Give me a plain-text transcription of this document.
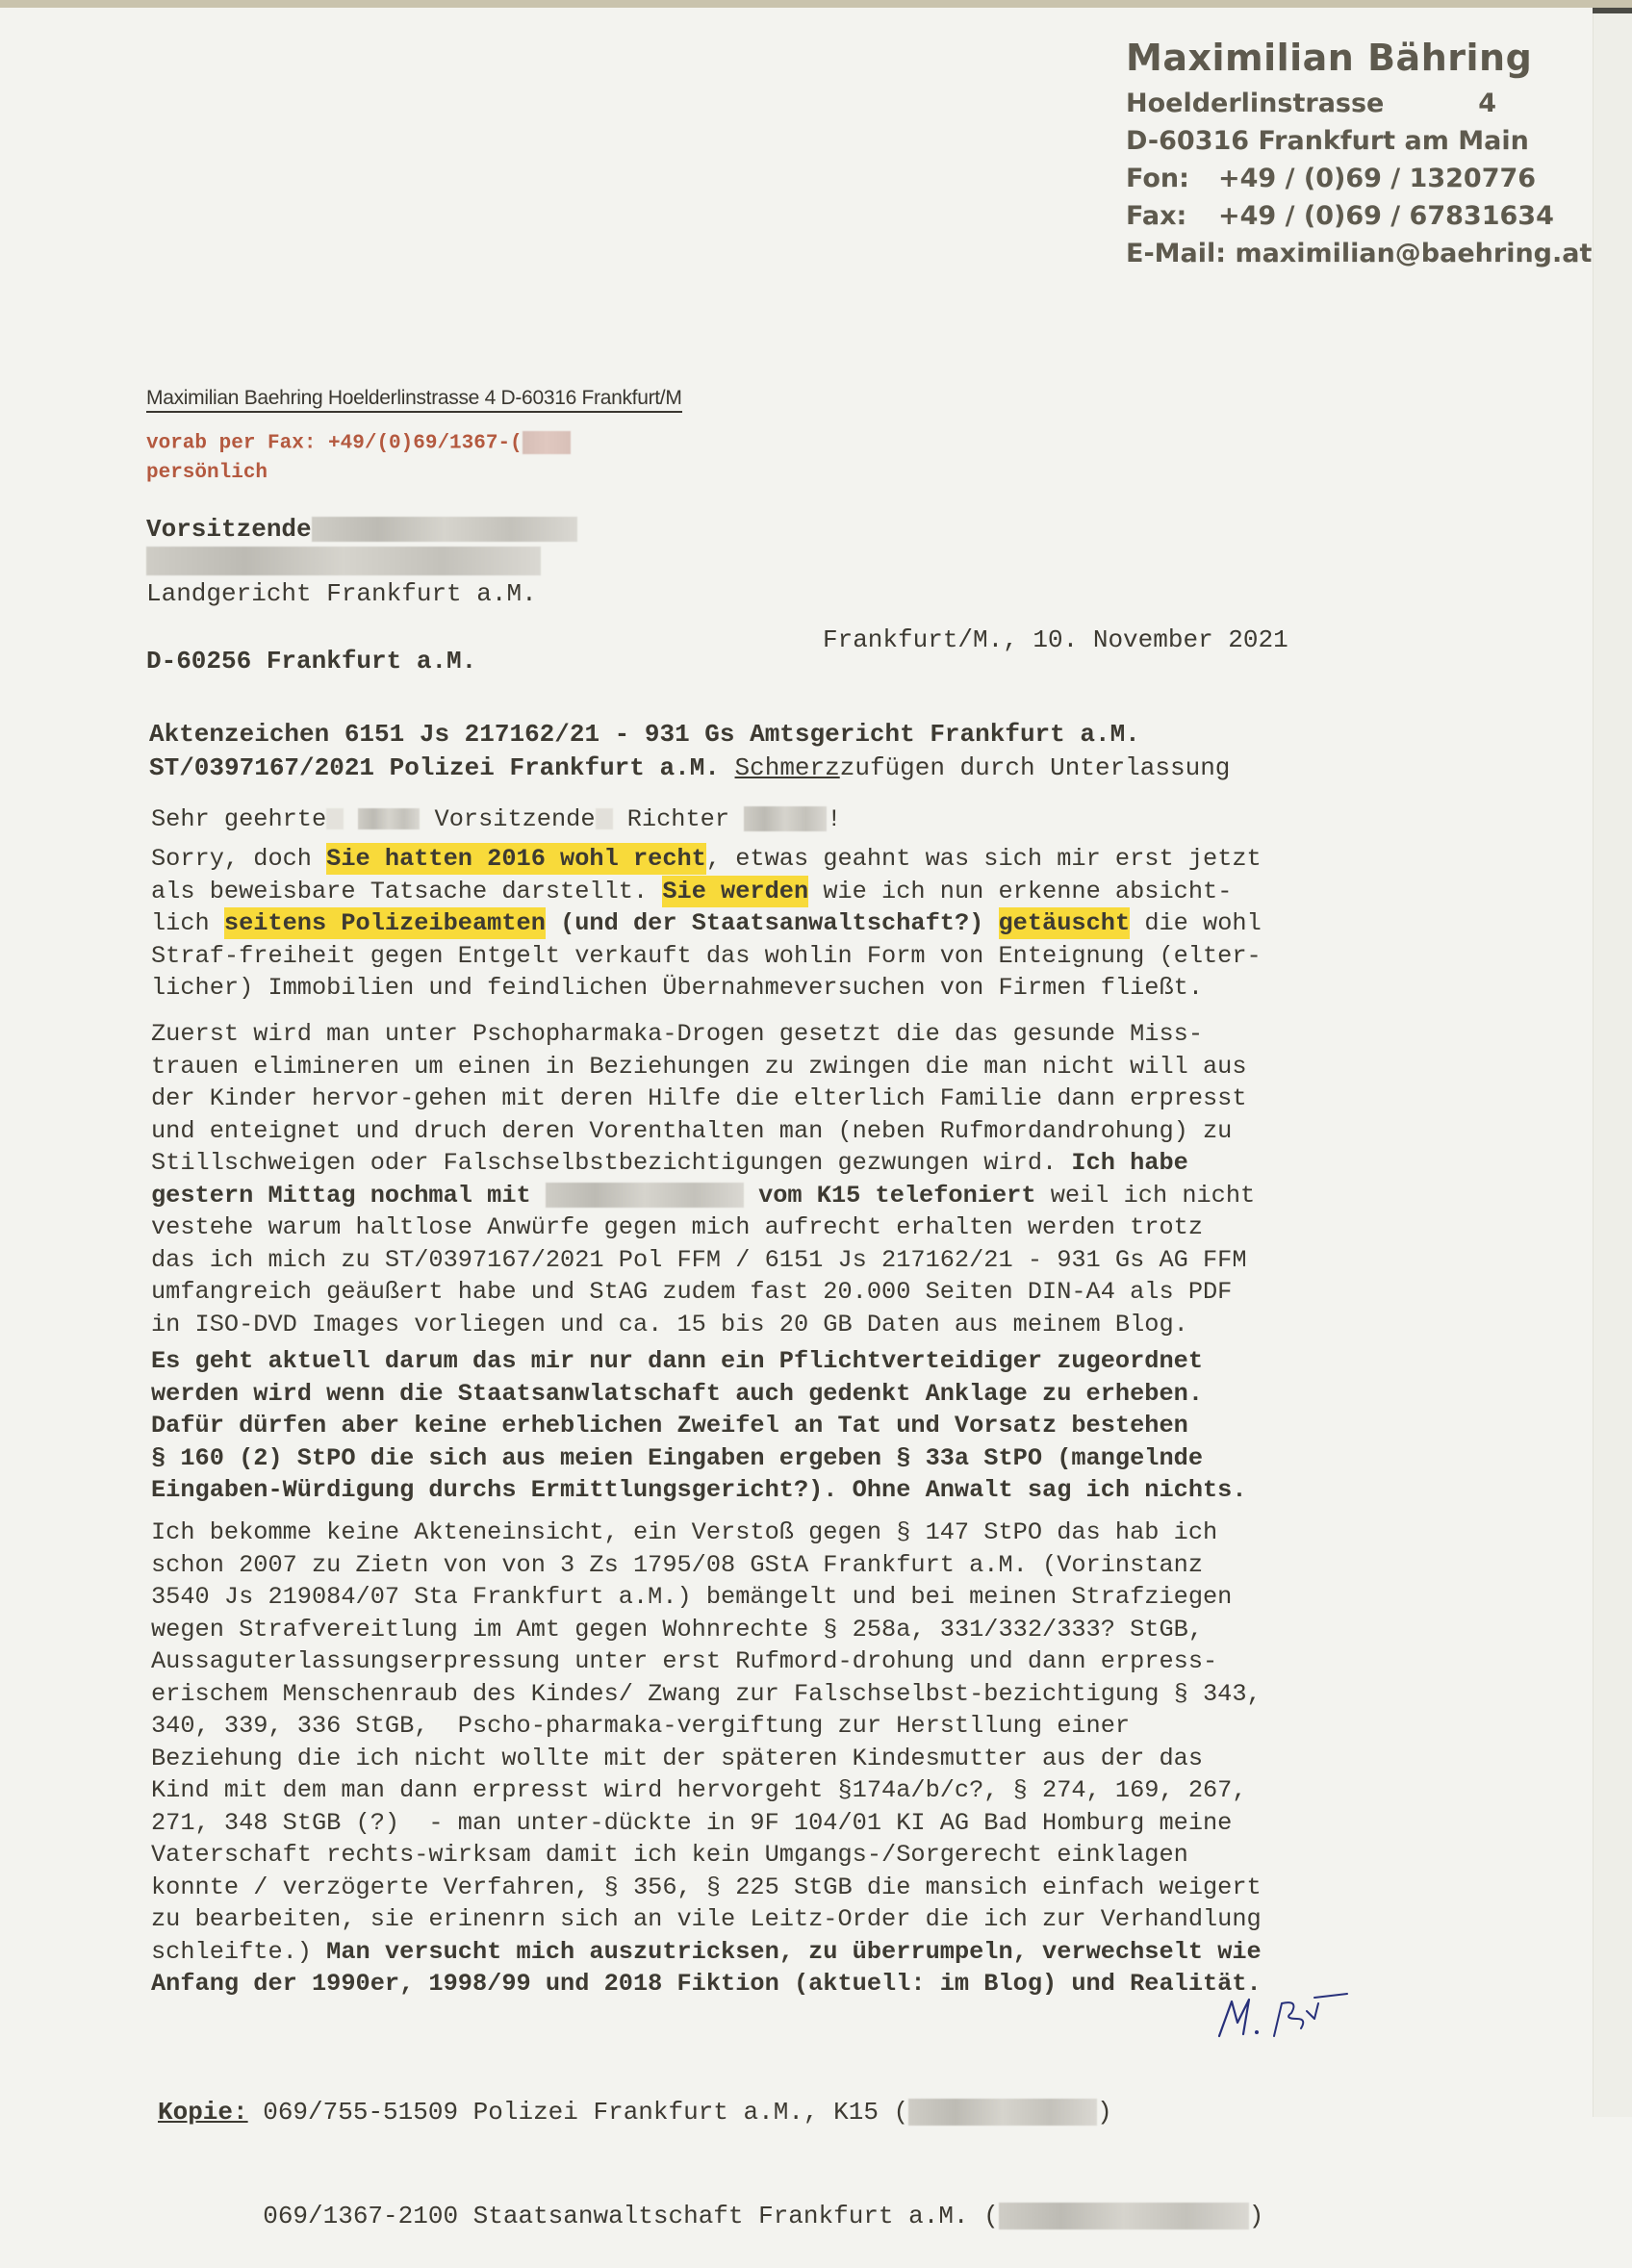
Maximilian Bähring
Hoelderlinstrasse	4
D-60316 Frankfurt am Main
Fon:	+49 / (0)69 / 1320776
Fax:	+49 / (0)69 / 67831634
E-Mail: maximilian@baehring.at
Maximilian Baehring Hoelderlinstrasse 4 D-60316 Frankfurt/M
vorab per Fax: +49/(0)69/1367-(
persönlich
Vorsitzende
Landgericht Frankfurt a.M.
D-60256 Frankfurt a.M.
Frankfurt/M., 10. November 2021
Aktenzeichen 6151 Js 217162/21 - 931 Gs Amtsgericht Frankfurt a.M.
ST/0397167/2021 Polizei Frankfurt a.M. Schmerzzufügen durch Unterlassung
Sehr geehrte	Vorsitzende Richter	!
Sorry, doch Sie hatten 2016 wohl recht, etwas geahnt was sich mir erst jetzt
als beweisbare Tatsache darstellt. Sie werden wie ich nun erkenne absicht-
lich seitens Polizeibeamten (und der Staatsanwaltschaft?) getäuscht die wohl
Straf-freiheit gegen Entgelt verkauft das wohlin Form von Enteignung (elter-
licher) Immobilien und feindlichen Übernahmeversuchen von Firmen fließt.
Zuerst wird man unter Pschopharmaka-Drogen gesetzt die das gesunde Miss-
trauen elimineren um einen in Beziehungen zu zwingen die man nicht will aus
der Kinder hervor-gehen mit deren Hilfe die elterlich Familie dann erpresst
und enteignet und druch deren Vorenthalten man (neben Rufmordandrohung) zu
Stillschweigen oder Falschselbstbezichtigungen gezwungen wird. Ich habe
gestern Mittag nochmal mit	vom K15 telefoniert weil ich nicht
vestehe warum haltlose Anwürfe gegen mich aufrecht erhalten werden trotz
das ich mich zu ST/0397167/2021 Pol FFM / 6151 Js 217162/21 - 931 Gs AG FFM
umfangreich geäußert habe und StAG zudem fast 20.000 Seiten DIN-A4 als PDF
in ISO-DVD Images vorliegen und ca. 15 bis 20 GB Daten aus meinem Blog.
Es geht aktuell darum das mir nur dann ein Pflichtverteidiger zugeordnet
werden wird wenn die Staatsanwlatschaft auch gedenkt Anklage zu erheben.
Dafür dürfen aber keine erheblichen Zweifel an Tat und Vorsatz bestehen
§ 160 (2) StPO die sich aus meien Eingaben ergeben § 33a StPO (mangelnde
Eingaben-Würdigung durchs Ermittlungsgericht?). Ohne Anwalt sag ich nichts.
Ich bekomme keine Akteneinsicht, ein Verstoß gegen § 147 StPO das hab ich
schon 2007 zu Zietn von von 3 Zs 1795/08 GStA Frankfurt a.M. (Vorinstanz
3540 Js 219084/07 Sta Frankfurt a.M.) bemängelt und bei meinen Strafziegen
wegen Strafvereitlung im Amt gegen Wohnrechte § 258a, 331/332/333? StGB,
Aussaguterlassungserpressung unter erst Rufmord-drohung und dann erpress-
erischem Menschenraub des Kindes/ Zwang zur Falschselbst-bezichtigung § 343,
340, 339, 336 StGB,  Pscho-pharmaka-vergiftung zur Herstllung einer
Beziehung die ich nicht wollte mit der späteren Kindesmutter aus der das
Kind mit dem man dann erpresst wird hervorgeht §174a/b/c?, § 274, 169, 267,
271, 348 StGB (?)  - man unter-dückte in 9F 104/01 KI AG Bad Homburg meine
Vaterschaft rechts-wirksam damit ich kein Umgangs-/Sorgerecht einklagen
konnte / verzögerte Verfahren, § 356, § 225 StGB die mansich einfach weigert
zu bearbeiten, sie erinenrn sich an vile Leitz-Order die ich zur Verhandlung
schleifte.) Man versucht mich auszutricksen, zu überrumpeln, verwechselt wie
Anfang der 1990er, 1998/99 und 2018 Fiktion (aktuell: im Blog) und Realität.

Kopie: 069/755-51509 Polizei Frankfurt a.M., K15 (	)

069/1367-2100 Staatsanwaltschaft Frankfurt a.M. (	)
